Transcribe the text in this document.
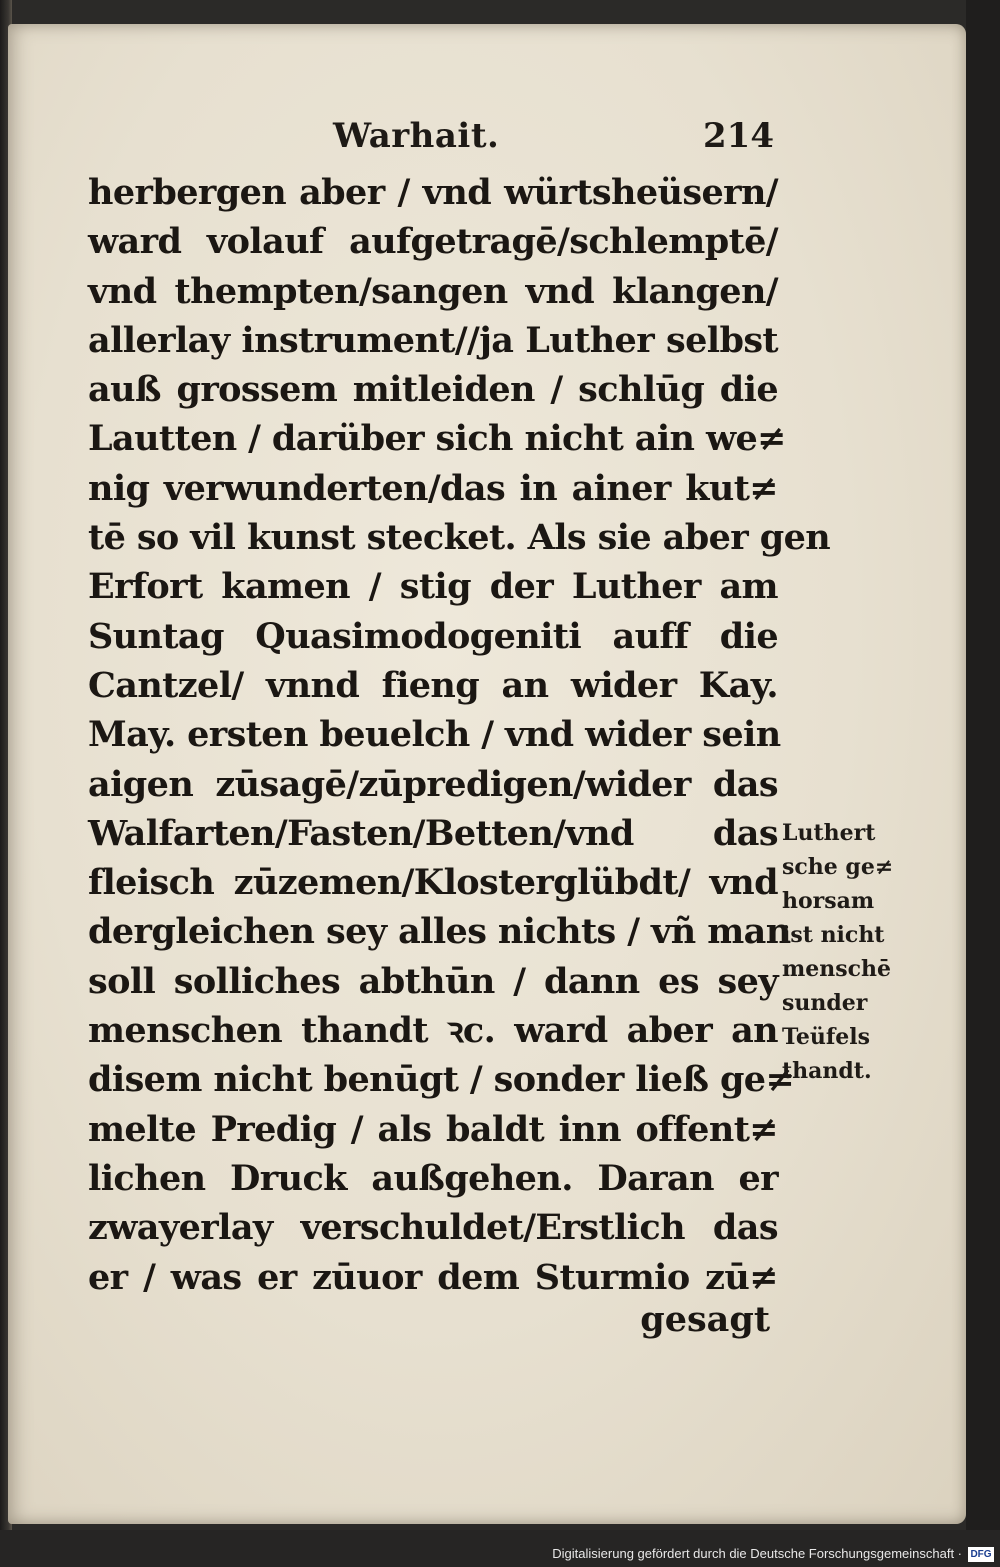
Warhait.	214
herbergen aber / vnd würtsheüsern/
ward volauf aufgetragē/schlemptē/
vnd thempten/sangen vnd klangen/
allerlay instrument//ja Luther selbst
auß grossem mitleiden / schlūg die
Lautten / darüber sich nicht ain we≠
nig verwunderten/das in ainer kut≠
tē so vil kunst stecket. Als sie aber gen
Erfort kamen / stig der Luther am
Suntag Quasimodogeniti auff die
Cantzel/ vnnd fieng an wider Kay.
May. ersten beuelch / vnd wider sein
aigen zūsagē/zūpredigen/wider das
Walfarten/Fasten/Betten/vnd das
fleisch zūzemen/Klosterglübdt/ vnd
dergleichen sey alles nichts / vñ man
soll solliches abthūn / dann es sey
menschen thandt ꝛc. ward aber an
disem nicht benūgt / sonder ließ ge≠
melte Predig / als baldt inn offent≠
lichen Druck außgehen. Daran er
zwayerlay verschuldet/Erstlich das
er / was er zūuor dem Sturmio zū≠
gesagt
Luthert
sche ge≠
horsam
ist nicht
menschē
sunder
Teüfels
thandt.
Digitalisierung gefördert durch die Deutsche Forschungsgemeinschaft · DFG
